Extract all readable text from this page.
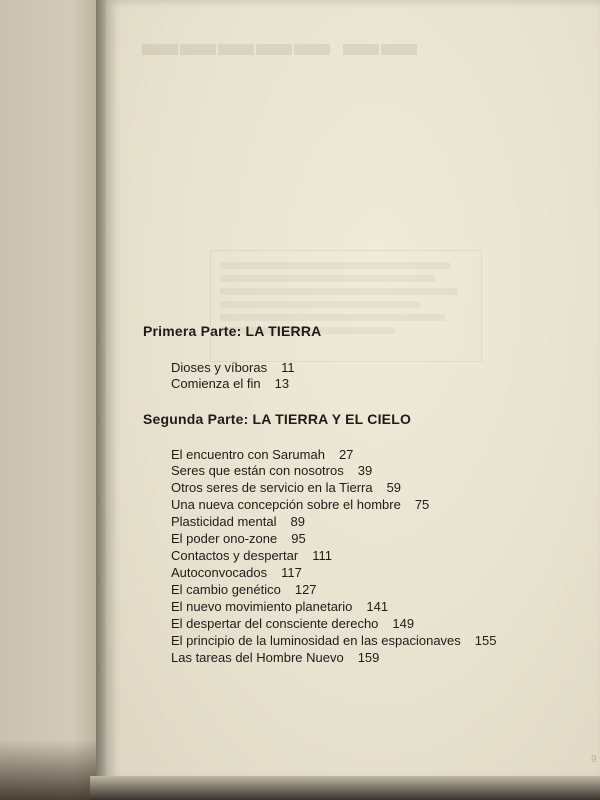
▬▬ ▬▬▬▬▬
Primera Parte: LA TIERRA
Dioses y víboras 11
Comienza el fin 13
Segunda Parte: LA TIERRA Y EL CIELO
El encuentro con Sarumah 27
Seres que están con nosotros 39
Otros seres de servicio en la Tierra 59
Una nueva concepción sobre el hombre 75
Plasticidad mental 89
El poder ono-zone 95
Contactos y despertar 111
Autoconvocados 117
El cambio genético 127
El nuevo movimiento planetario 141
El despertar del consciente derecho 149
El principio de la luminosidad en las espacionaves 155
Las tareas del Hombre Nuevo 159
9
